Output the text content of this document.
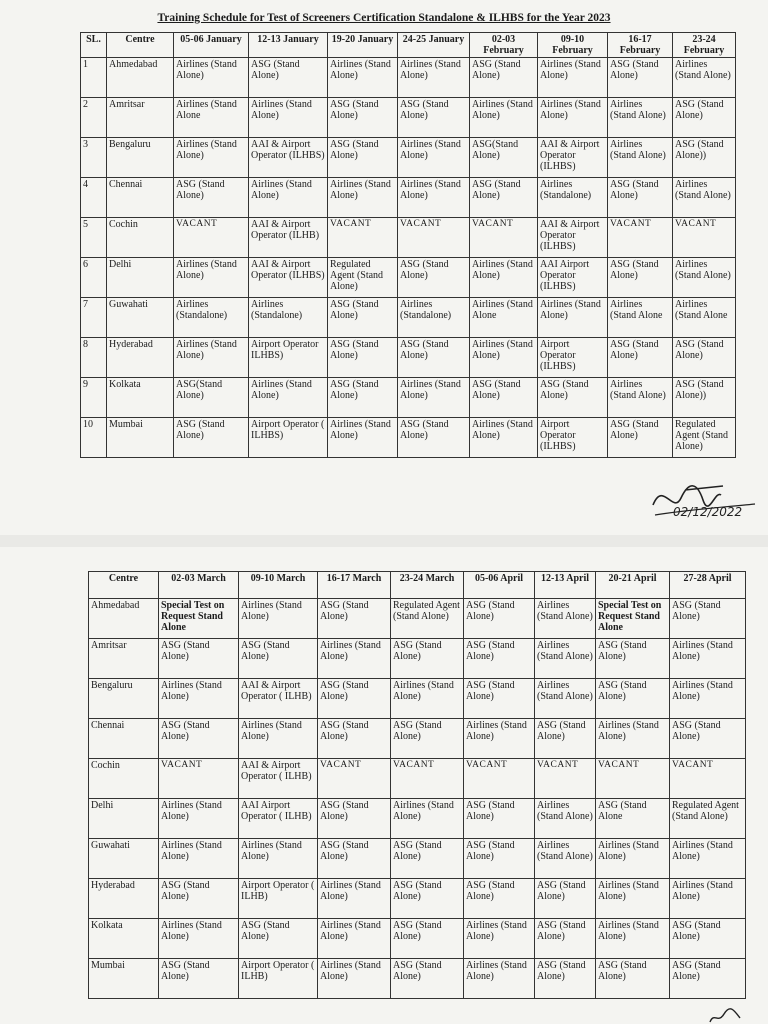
Training Schedule for Test of Screeners Certification Standalone & ILHBS for the Year 2023
SL.	Centre	05-06 January	12-13 January	19-20 January	24-25 January	02-03 February	09-10 February	16-17 February	23-24 February
1	Ahmedabad	Airlines (Stand Alone)	ASG (Stand Alone)	Airlines (Stand Alone)	Airlines (Stand Alone)	ASG (Stand Alone)	Airlines (Stand Alone)	ASG (Stand Alone)	Airlines (Stand Alone)
2	Amritsar	Airlines (Stand Alone	Airlines (Stand Alone)	ASG (Stand Alone)	ASG (Stand Alone)	Airlines (Stand Alone)	Airlines (Stand Alone)	Airlines (Stand Alone)	ASG (Stand Alone)
3	Bengaluru	Airlines (Stand Alone)	AAI & Airport Operator (ILHBS)	ASG (Stand Alone)	Airlines (Stand Alone)	ASG(Stand Alone)	AAI & Airport Operator (ILHBS)	Airlines (Stand Alone)	ASG (Stand Alone))
4	Chennai	ASG (Stand Alone)	Airlines (Stand Alone)	Airlines (Stand Alone)	Airlines (Stand Alone)	ASG (Stand Alone)	Airlines (Standalone)	ASG (Stand Alone)	Airlines (Stand Alone)
5	Cochin	VACANT	AAI & Airport Operator (ILHB)	VACANT	VACANT	VACANT	AAI & Airport Operator (ILHBS)	VACANT	VACANT
6	Delhi	Airlines (Stand Alone)	AAI & Airport Operator (ILHBS)	Regulated Agent (Stand Alone)	ASG (Stand Alone)	Airlines (Stand Alone)	AAI Airport Operator (ILHBS)	ASG (Stand Alone)	Airlines (Stand Alone)
7	Guwahati	Airlines (Standalone)	Airlines (Standalone)	ASG (Stand Alone)	Airlines (Standalone)	Airlines (Stand Alone	Airlines (Stand Alone)	Airlines (Stand Alone	Airlines (Stand Alone
8	Hyderabad	Airlines (Stand Alone)	Airport Operator ILHBS)	ASG (Stand Alone)	ASG (Stand Alone)	Airlines (Stand Alone)	Airport Operator (ILHBS)	ASG (Stand Alone)	ASG (Stand Alone)
9	Kolkata	ASG(Stand Alone)	Airlines (Stand Alone)	ASG (Stand Alone)	Airlines (Stand Alone)	ASG (Stand Alone)	ASG (Stand Alone)	Airlines (Stand Alone)	ASG (Stand Alone))
10	Mumbai	ASG (Stand Alone)	Airport Operator ( ILHBS)	Airlines (Stand Alone)	ASG (Stand Alone)	Airlines (Stand Alone)	Airport Operator (ILHBS)	ASG (Stand Alone)	Regulated Agent (Stand Alone)
02/12/2022
Centre	02-03 March	09-10 March	16-17 March	23-24 March	05-06 April	12-13 April	20-21 April	27-28 April
Ahmedabad	Special Test on Request Stand Alone	Airlines (Stand Alone)	ASG (Stand Alone)	Regulated Agent (Stand Alone)	ASG (Stand Alone)	Airlines (Stand Alone)	Special Test on Request Stand Alone	ASG (Stand Alone)
Amritsar	ASG (Stand Alone)	ASG (Stand Alone)	Airlines (Stand Alone)	ASG (Stand Alone)	ASG (Stand Alone)	Airlines (Stand Alone)	ASG (Stand Alone)	Airlines (Stand Alone)
Bengaluru	Airlines (Stand Alone)	AAI & Airport Operator ( ILHB)	ASG (Stand Alone)	Airlines (Stand Alone)	ASG (Stand Alone)	Airlines (Stand Alone)	ASG (Stand Alone)	Airlines (Stand Alone)
Chennai	ASG (Stand Alone)	Airlines (Stand Alone)	ASG (Stand Alone)	ASG (Stand Alone)	Airlines (Stand Alone)	ASG (Stand Alone)	Airlines (Stand Alone)	ASG (Stand Alone)
Cochin	VACANT	AAI & Airport Operator ( ILHB)	VACANT	VACANT	VACANT	VACANT	VACANT	VACANT
Delhi	Airlines (Stand Alone)	AAI Airport Operator ( ILHB)	ASG (Stand Alone)	Airlines (Stand Alone)	ASG (Stand Alone)	Airlines (Stand Alone)	ASG (Stand Alone	Regulated Agent (Stand Alone)
Guwahati	Airlines (Stand Alone)	Airlines (Stand Alone)	ASG (Stand Alone)	ASG (Stand Alone)	ASG (Stand Alone)	Airlines (Stand Alone)	Airlines (Stand Alone)	Airlines (Stand Alone)
Hyderabad	ASG (Stand Alone)	Airport Operator ( ILHB)	Airlines (Stand Alone)	ASG (Stand Alone)	ASG (Stand Alone)	ASG (Stand Alone)	Airlines (Stand Alone)	Airlines (Stand Alone)
Kolkata	Airlines (Stand Alone)	ASG (Stand Alone)	Airlines (Stand Alone)	ASG (Stand Alone)	Airlines (Stand Alone)	ASG (Stand Alone)	Airlines (Stand Alone)	ASG (Stand Alone)
Mumbai	ASG (Stand Alone)	Airport Operator ( ILHB)	Airlines (Stand Alone)	ASG (Stand Alone)	Airlines (Stand Alone)	ASG (Stand Alone)	ASG (Stand Alone)	ASG (Stand Alone)
